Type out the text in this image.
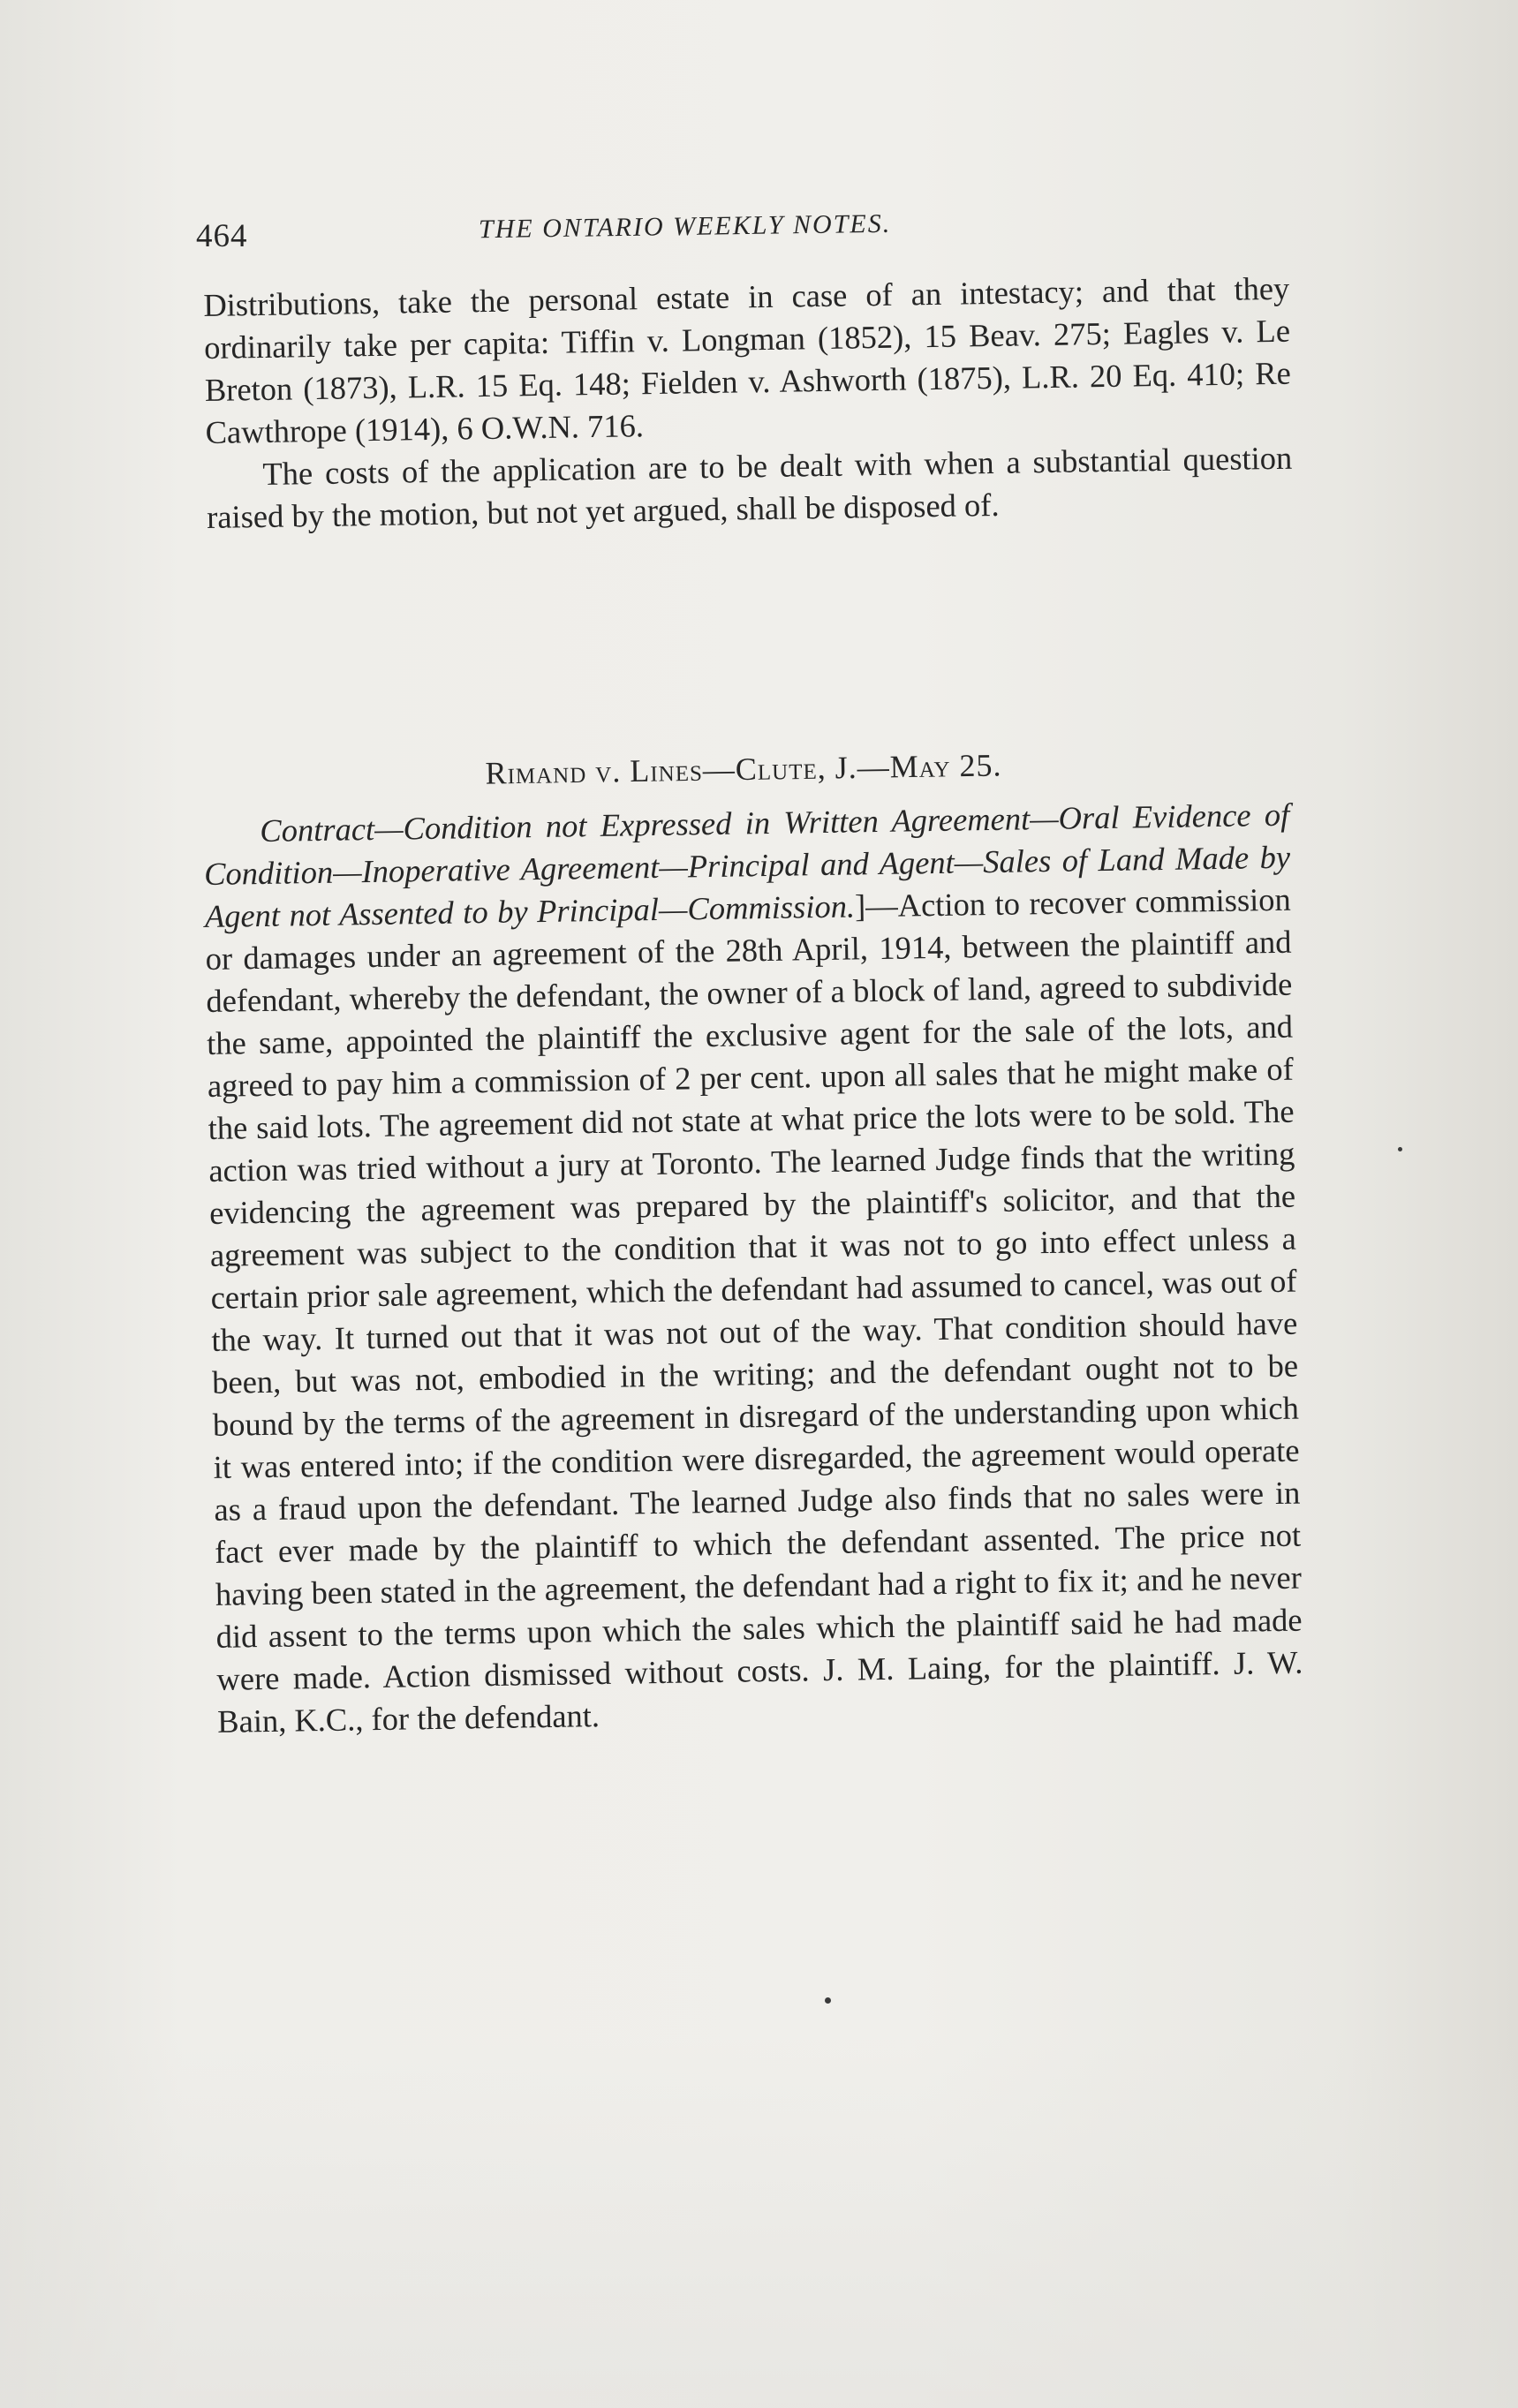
464	THE ONTARIO WEEKLY NOTES.

Distributions, take the personal estate in case of an intestacy; and that they ordinarily take per capita: Tiffin v. Longman (1852), 15 Beav. 275; Eagles v. Le Breton (1873), L.R. 15 Eq. 148; Fielden v. Ashworth (1875), L.R. 20 Eq. 410; Re Cawthrope (1914), 6 O.W.N. 716.

The costs of the application are to be dealt with when a substantial question raised by the motion, but not yet argued, shall be disposed of.

Rimand v. Lines—Clute, J.—May 25.

Contract—Condition not Expressed in Written Agreement—Oral Evidence of Condition—Inoperative Agreement—Principal and Agent—Sales of Land Made by Agent not Assented to by Principal—Commission.]—Action to recover commission or damages under an agreement of the 28th April, 1914, between the plaintiff and defendant, whereby the defendant, the owner of a block of land, agreed to subdivide the same, appointed the plaintiff the exclusive agent for the sale of the lots, and agreed to pay him a commission of 2 per cent. upon all sales that he might make of the said lots. The agreement did not state at what price the lots were to be sold. The action was tried without a jury at Toronto. The learned Judge finds that the writing evidencing the agreement was prepared by the plaintiff's solicitor, and that the agreement was subject to the condition that it was not to go into effect unless a certain prior sale agreement, which the defendant had assumed to cancel, was out of the way. It turned out that it was not out of the way. That condition should have been, but was not, embodied in the writing; and the defendant ought not to be bound by the terms of the agreement in disregard of the understanding upon which it was entered into; if the condition were disregarded, the agreement would operate as a fraud upon the defendant. The learned Judge also finds that no sales were in fact ever made by the plaintiff to which the defendant assented. The price not having been stated in the agreement, the defendant had a right to fix it; and he never did assent to the terms upon which the sales which the plaintiff said he had made were made. Action dismissed without costs. J. M. Laing, for the plaintiff. J. W. Bain, K.C., for the defendant.
